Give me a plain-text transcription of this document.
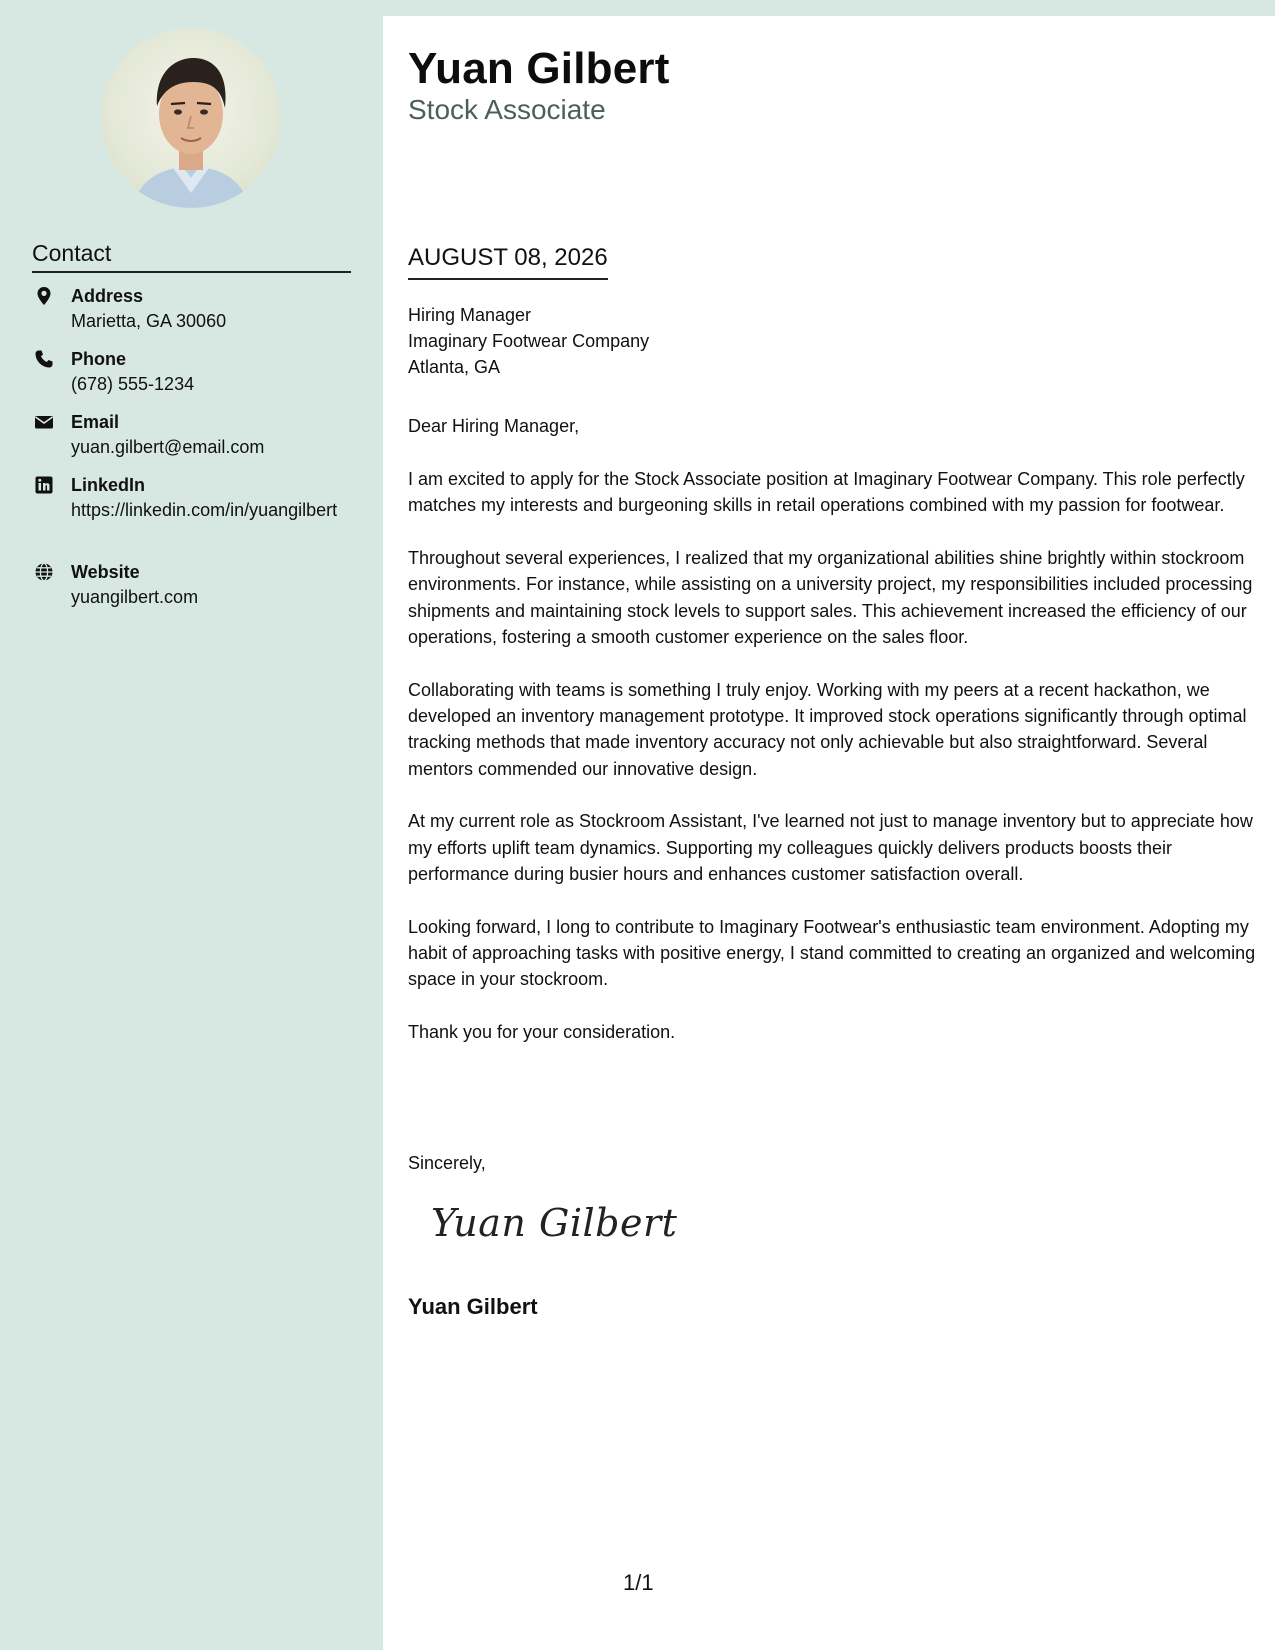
Contact
Address
Marietta, GA 30060
Phone
(678) 555-1234
Email
yuan.gilbert@email.com
LinkedIn
https://linkedin.com/in/yuangilbert
Website
yuangilbert.com
Yuan Gilbert
Stock Associate
AUGUST 08, 2026
Hiring Manager
Imaginary Footwear Company
Atlanta, GA
Dear Hiring Manager,

I am excited to apply for the Stock Associate position at Imaginary Footwear Company. This role perfectly matches my interests and burgeoning skills in retail operations combined with my passion for footwear.

Throughout several experiences, I realized that my organizational abilities shine brightly within stockroom environments. For instance, while assisting on a university project, my responsibilities included processing shipments and maintaining stock levels to support sales. This achievement increased the efficiency of our operations, fostering a smooth customer experience on the sales floor.

Collaborating with teams is something I truly enjoy. Working with my peers at a recent hackathon, we developed an inventory management prototype. It improved stock operations significantly through optimal tracking methods that made inventory accuracy not only achievable but also straightforward. Several mentors commended our innovative design.

At my current role as Stockroom Assistant, I've learned not just to manage inventory but to appreciate how my efforts uplift team dynamics. Supporting my colleagues quickly delivers products boosts their performance during busier hours and enhances customer satisfaction overall.

Looking forward, I long to contribute to Imaginary Footwear's enthusiastic team environment. Adopting my habit of approaching tasks with positive energy, I stand committed to creating an organized and welcoming space in your stockroom.

Thank you for your consideration.

Sincerely,
Yuan Gilbert
Yuan Gilbert
1/1
